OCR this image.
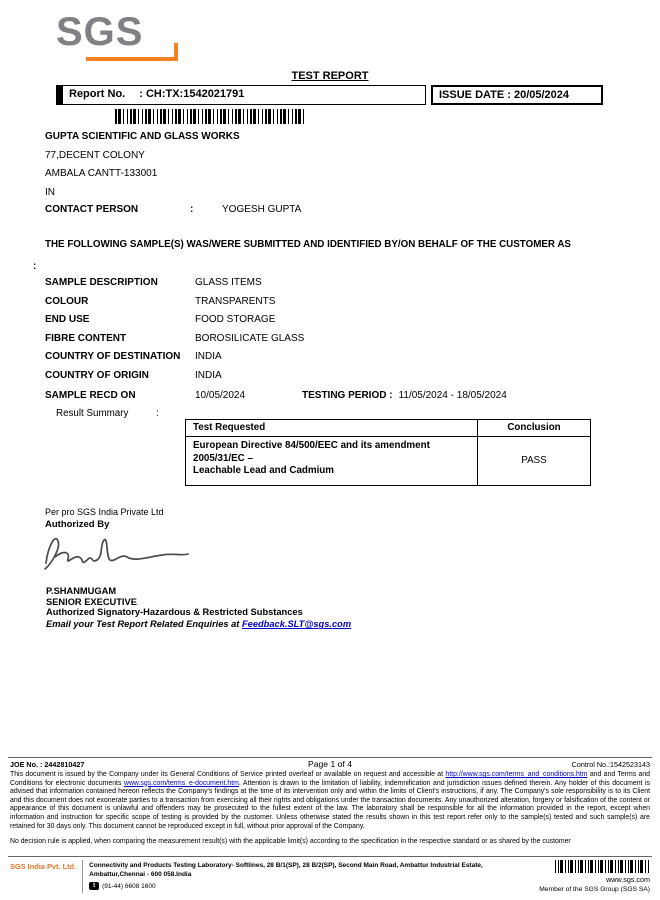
SGS
TEST REPORT
Report No. : CH:TX:1542021791	ISSUE DATE : 20/05/2024
GUPTA SCIENTIFIC AND GLASS WORKS
77,DECENT COLONY
AMBALA CANTT-133001
IN
CONTACT PERSON	:	YOGESH GUPTA
THE FOLLOWING SAMPLE(S) WAS/WERE SUBMITTED AND IDENTIFIED BY/ON BEHALF OF THE CUSTOMER AS
:
SAMPLE DESCRIPTION	GLASS ITEMS
COLOUR	TRANSPARENTS
END USE	FOOD STORAGE
FIBRE CONTENT	BOROSILICATE GLASS
COUNTRY OF DESTINATION	INDIA
COUNTRY OF ORIGIN	INDIA
SAMPLE RECD ON	10/05/2024	TESTING PERIOD : 11/05/2024 - 18/05/2024
Result Summary	:
Test Requested	Conclusion
European Directive 84/500/EEC and its amendment
2005/31/EC –
Leachable Lead and Cadmium
PASS
Per pro SGS India Private Ltd
Authorized By
P.SHANMUGAM
SENIOR EXECUTIVE
Authorized Signatory-Hazardous & Restricted Substances
Email your Test Report Related Enquiries at Feedback.SLT@sgs.com
JOE No. : 2442810427	Page 1 of 4	Control No.:1542523143
This document is issued by the Company under its General Conditions of Service printed overleaf or available on request and accessible at http://www.sgs.com/terms_and_conditions.htm and and Terms and Conditions for electronic documents www.sgs.com/terms_e-document.htm. Attention is drawn to the limitation of liability, indemnification and jurisdiction issues defined therein. Any holder of this document is advised that information contained hereon reflects the Company's findings at the time of its intervention only and within the limits of Client's instructions, if any. The Company's sole responsibility is to its Client and this document does not exonerate parties to a transaction from exercising all their rights and obligations under the transaction documents. Any unauthorized alteration, forgery or falsification of the content or appearance of this document is unlawful and offenders may be prosecuted to the fullest extent of the law. The laboratory shall be responsible for all the information provided in the report, except when information and instruction for specific scope of testing is provided by the customer. Unless otherwise stated the results shown in this test report refer only to the sample(s) tested and such sample(s) are retained for 30 days only. This document cannot be reproduced except in full, without prior approval of the Company.
No decision rule is applied, when comparing the measurement result(s) with the applicable limit(s) according to the specification in the respective standard or as shared by the customer
SGS India Pvt. Ltd.	Connectivity and Products Testing Laboratory- Softlines, 28 B/1(SP), 28 B/2(SP), Second Main Road, Ambattur Industrial Estate, Ambattur,Chennai - 600 058.India
t	(91-44) 6608 1600
www.sgs.com
Member of the SGS Group (SGS SA)
